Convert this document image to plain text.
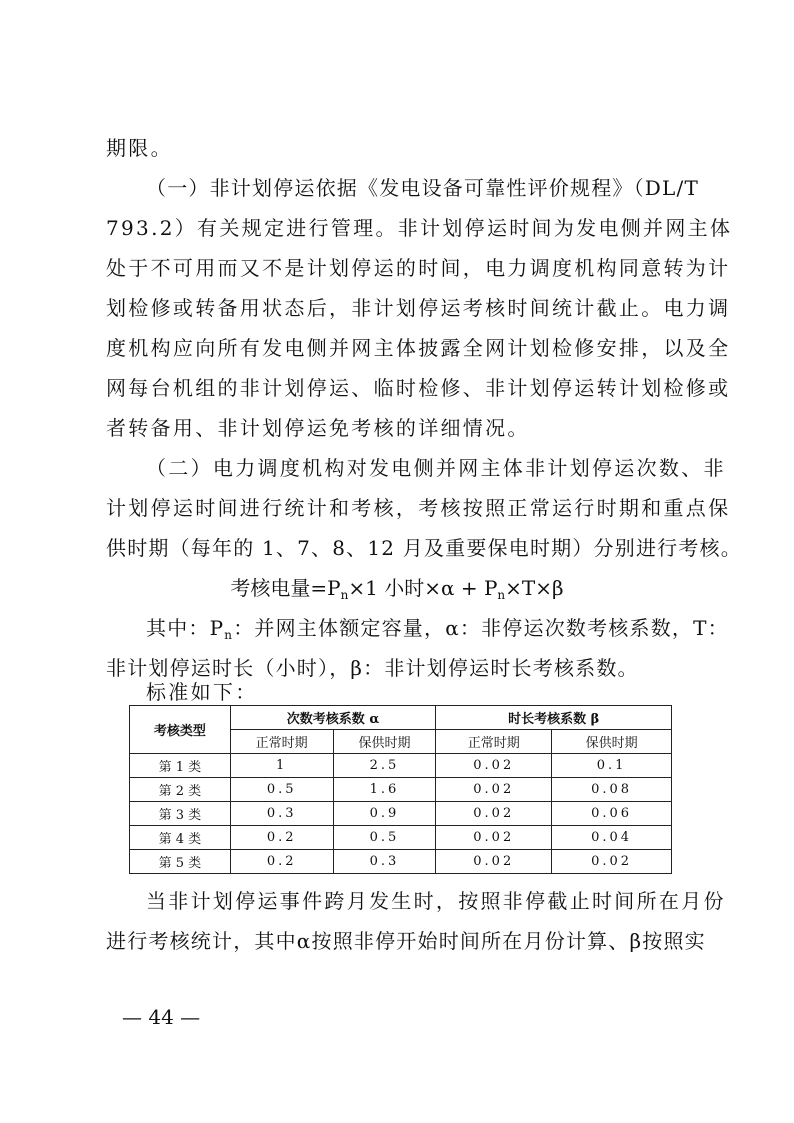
期限。
（一）非计划停运依据《发电设备可靠性评价规程》（DL/T
793.2）有关规定进行管理。非计划停运时间为发电侧并网主体
处于不可用而又不是计划停运的时间，电力调度机构同意转为计
划检修或转备用状态后，非计划停运考核时间统计截止。电力调
度机构应向所有发电侧并网主体披露全网计划检修安排，以及全
网每台机组的非计划停运、临时检修、非计划停运转计划检修或
者转备用、非计划停运免考核的详细情况。
（二）电力调度机构对发电侧并网主体非计划停运次数、非
计划停运时间进行统计和考核，考核按照正常运行时期和重点保
供时期（每年的 1、7、8、12 月及重要保电时期）分别进行考核。
考核电量$=P_n\times 1$ 小时$\times\alpha + P_n\times T\times\beta$
其中：$P_n$：并网主体额定容量，α：非停运次数考核系数，T：
非计划停运时长（小时），β：非计划停运时长考核系数。
标准如下：
考核类型	次数考核系数 α		时长考核系数 β	
	正常时期	保供时期	正常时期	保供时期
第 1 类	1	2.5	0.02	0.1
第 2 类	0.5	1.6	0.02	0.08
第 3 类	0.3	0.9	0.02	0.06
第 4 类	0.2	0.5	0.02	0.04
第 5 类	0.2	0.3	0.02	0.02
当非计划停运事件跨月发生时，按照非停截止时间所在月份
进行考核统计，其中α按照非停开始时间所在月份计算、β按照实
— 44 —
